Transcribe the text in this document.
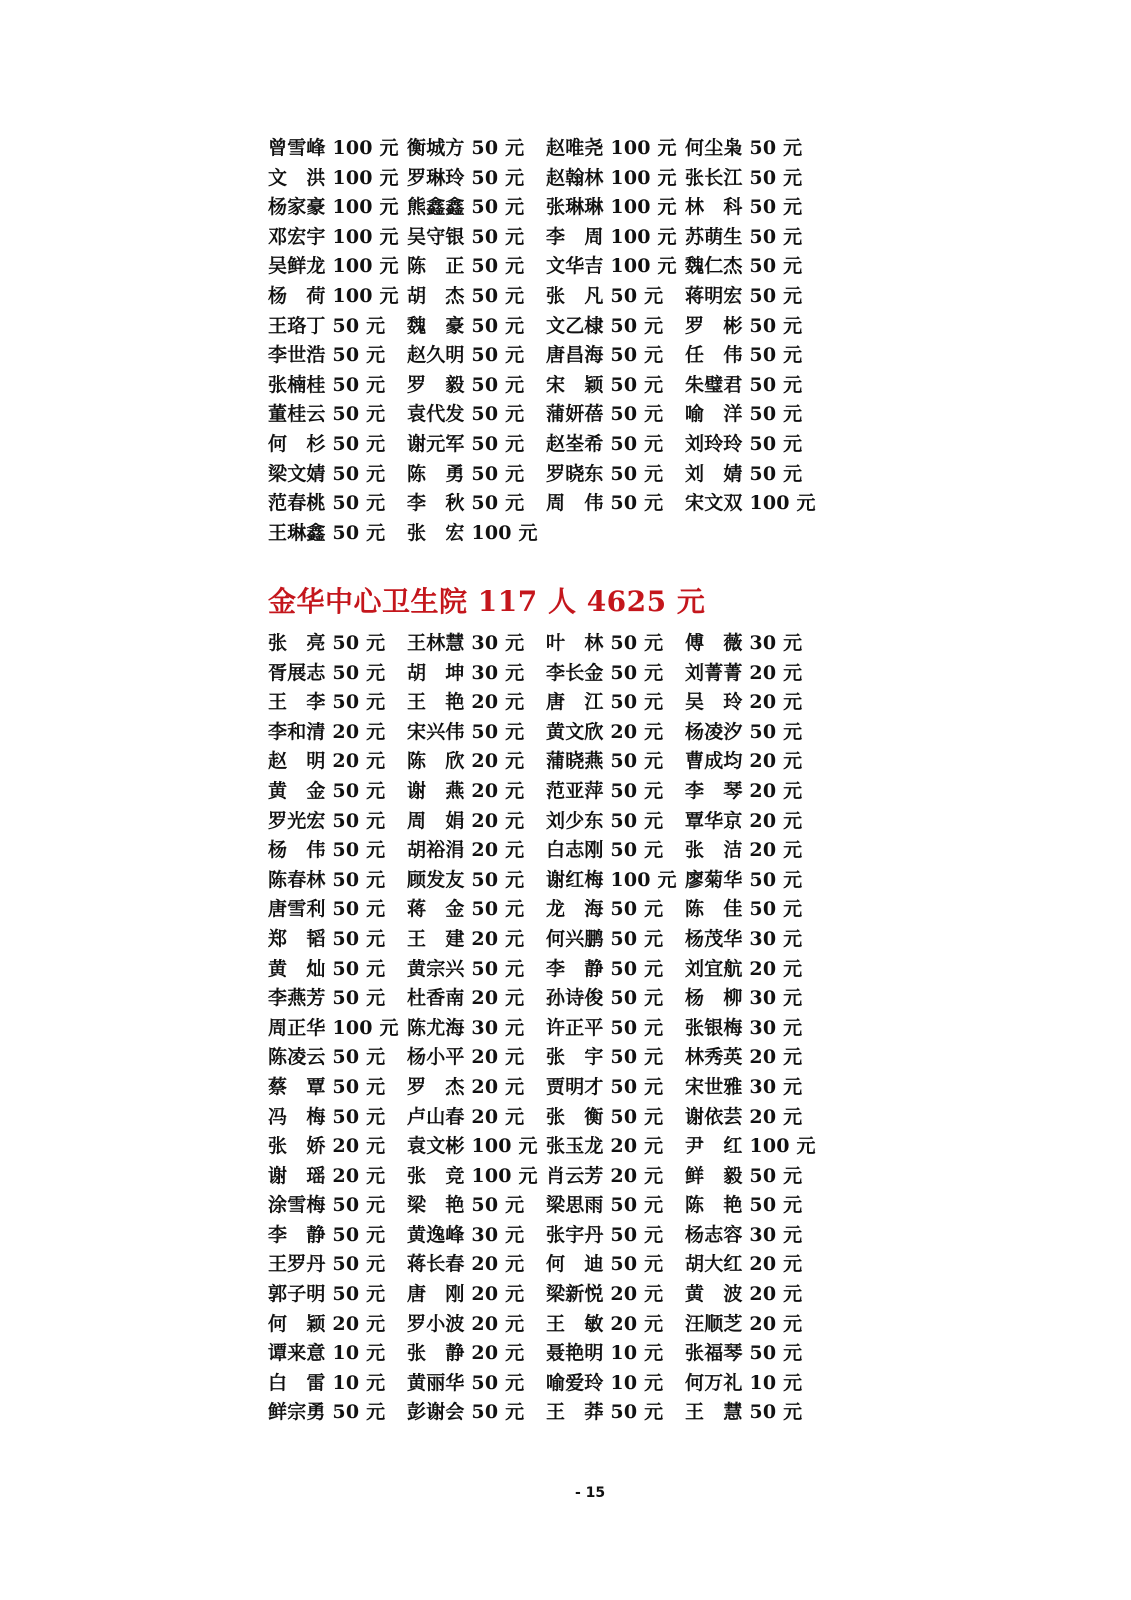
曾雪峰 100 元 衡城方 50 元	赵唯尧 100 元 何尘枭 50 元
文　洪 100 元 罗琳玲 50 元	赵翰林 100 元 张长江 50 元
杨家豪 100 元 熊鑫鑫 50 元	张琳琳 100 元 林　科 50 元
邓宏宇 100 元 吴守银 50 元	李　周 100 元 苏萌生 50 元
吴鲜龙 100 元 陈　正 50 元	文华吉 100 元 魏仁杰 50 元
杨　荷 100 元 胡　杰 50 元	张　凡 50 元	蒋明宏 50 元
王珞丁 50 元	魏　豪 50 元	文乙棣 50 元	罗　彬 50 元
李世浩 50 元	赵久明 50 元	唐昌海 50 元	任　伟 50 元
张楠桂 50 元	罗　毅 50 元	宋　颖 50 元	朱璧君 50 元
董桂云 50 元	袁代发 50 元	蒲妍蓓 50 元	喻　洋 50 元
何　杉 50 元	谢元军 50 元	赵峑希 50 元	刘玲玲 50 元
梁文婧 50 元	陈　勇 50 元	罗晓东 50 元	刘　婧 50 元
范春桃 50 元	李　秋 50 元	周　伟 50 元	宋文双 100 元
王琳鑫 50 元	张　宏 100 元
金华中心卫生院 117 人 4625 元
张　亮 50 元	王林慧 30 元	叶　林 50 元	傅　薇 30 元
胥展志 50 元	胡　坤 30 元	李长金 50 元	刘菁菁 20 元
王　李 50 元	王　艳 20 元	唐　江 50 元	吴　玲 20 元
李和清 20 元	宋兴伟 50 元	黄文欣 20 元	杨凌汐 50 元
赵　明 20 元	陈　欣 20 元	蒲晓燕 50 元	曹成均 20 元
黄　金 50 元	谢　燕 20 元	范亚萍 50 元	李　琴 20 元
罗光宏 50 元	周　娟 20 元	刘少东 50 元	覃华京 20 元
杨　伟 50 元	胡裕涓 20 元	白志刚 50 元	张　洁 20 元
陈春林 50 元	顾发友 50 元	谢红梅 100 元 廖菊华 50 元
唐雪利 50 元	蒋　金 50 元	龙　海 50 元	陈　佳 50 元
郑　韬 50 元	王　建 20 元	何兴鹏 50 元	杨茂华 30 元
黄　灿 50 元	黄宗兴 50 元	李　静 50 元	刘宜航 20 元
李燕芳 50 元	杜香南 20 元	孙诗俊 50 元	杨　柳 30 元
周正华 100 元 陈尤海 30 元	许正平 50 元	张银梅 30 元
陈凌云 50 元	杨小平 20 元	张　宇 50 元	林秀英 20 元
蔡　覃 50 元	罗　杰 20 元	贾明才 50 元	宋世雅 30 元
冯　梅 50 元	卢山春 20 元	张　衡 50 元	谢依芸 20 元
张　娇 20 元	袁文彬 100 元 张玉龙 20 元	尹　红 100 元
谢　瑶 20 元	张　竞 100 元 肖云芳 20 元	鲜　毅 50 元
涂雪梅 50 元	梁　艳 50 元	梁思雨 50 元	陈　艳 50 元
李　静 50 元	黄逸峰 30 元	张宇丹 50 元	杨志容 30 元
王罗丹 50 元	蒋长春 20 元	何　迪 50 元	胡大红 20 元
郭子明 50 元	唐　刚 20 元	梁新悦 20 元	黄　波 20 元
何　颖 20 元	罗小波 20 元	王　敏 20 元	汪顺芝 20 元
谭来意 10 元	张　静 20 元	聂艳明 10 元	张福琴 50 元
白　雷 10 元	黄丽华 50 元	喻爱玲 10 元	何万礼 10 元
鲜宗勇 50 元	彭谢会 50 元	王　莽 50 元	王　慧 50 元
- 15
